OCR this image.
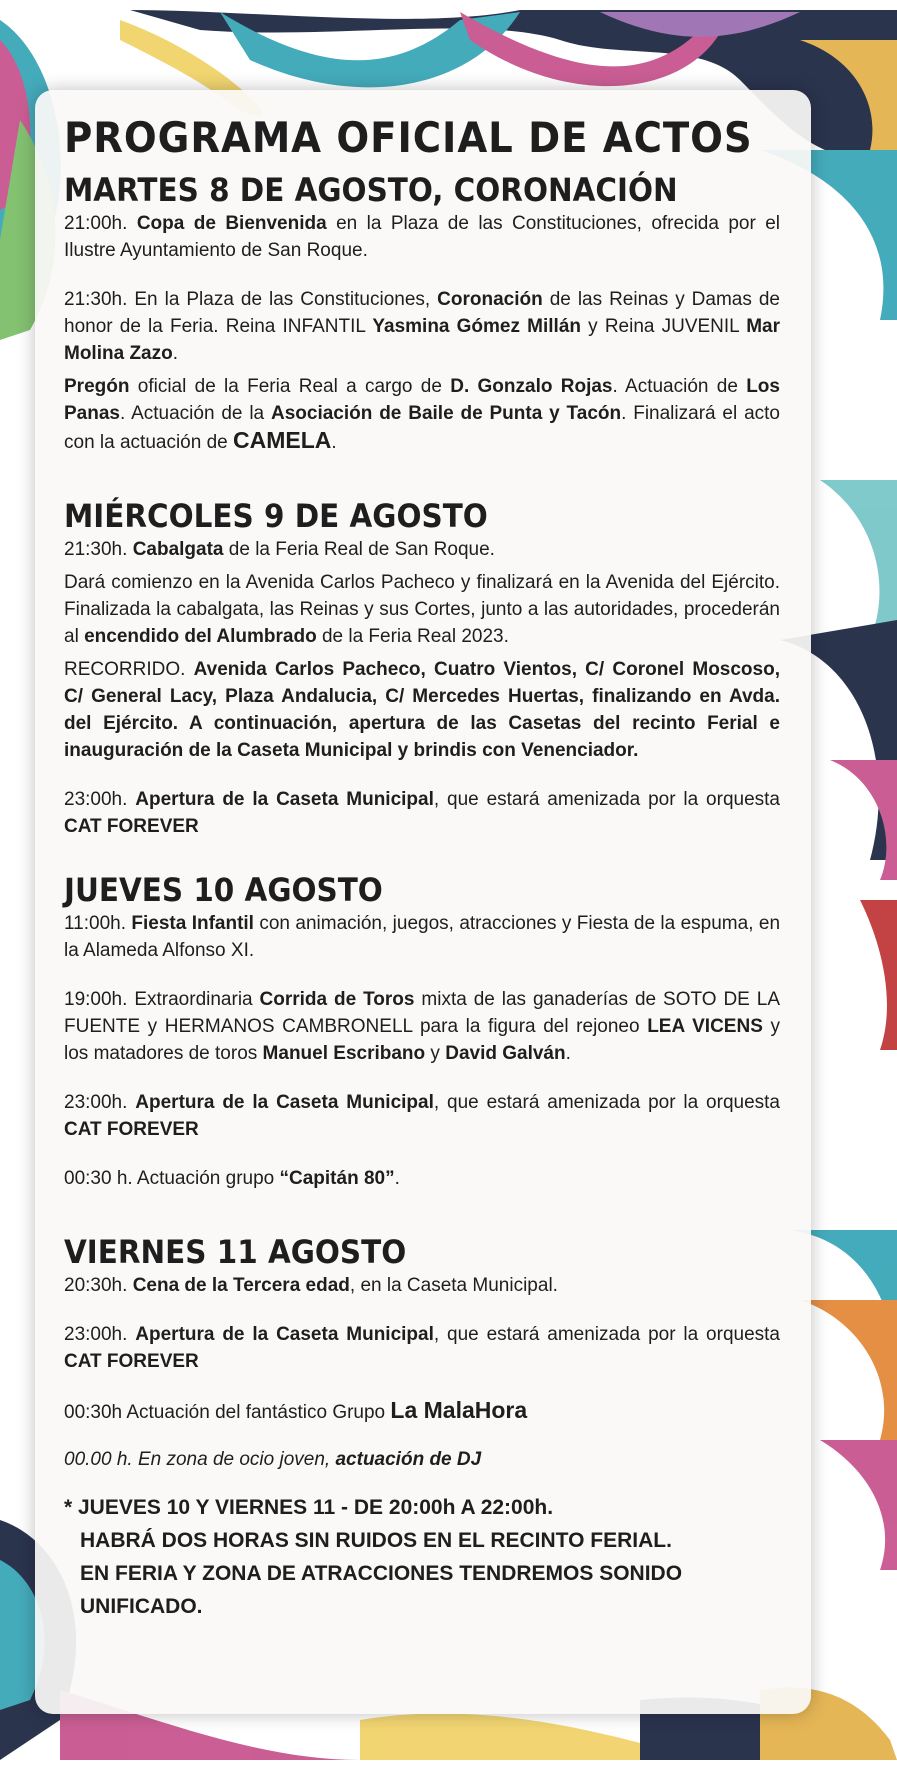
PROGRAMA OFICIAL DE ACTOS
MARTES 8 DE AGOSTO, CORONACIÓN

21:00h. Copa de Bienvenida en la Plaza de las Constituciones, ofrecida por el Ilustre Ayuntamiento de San Roque.

21:30h. En la Plaza de las Constituciones, Coronación de las Reinas y Damas de honor de la Feria. Reina INFANTIL Yasmina Gómez Millán y Reina JUVENIL Mar Molina Zazo.

Pregón oficial de la Feria Real a cargo de D. Gonzalo Rojas. Actuación de Los Panas. Actuación de la Asociación de Baile de Punta y Tacón. Finalizará el acto con la actuación de CAMELA.

MIÉRCOLES 9 DE AGOSTO

21:30h. Cabalgata de la Feria Real de San Roque.

Dará comienzo en la Avenida Carlos Pacheco y finalizará en la Avenida del Ejército. Finalizada la cabalgata, las Reinas y sus Cortes, junto a las autoridades, procederán al encendido del Alumbrado de la Feria Real 2023.

RECORRIDO. Avenida Carlos Pacheco, Cuatro Vientos, C/ Coronel Moscoso, C/ General Lacy, Plaza Andalucia, C/ Mercedes Huertas, finalizando en Avda. del Ejército. A continuación, apertura de las Casetas del recinto Ferial e inauguración de la Caseta Municipal y brindis con Venenciador.

23:00h. Apertura de la Caseta Municipal, que estará amenizada por la orquesta CAT FOREVER

JUEVES 10 AGOSTO

11:00h. Fiesta Infantil con animación, juegos, atracciones y Fiesta de la espuma, en la Alameda Alfonso XI.

19:00h. Extraordinaria Corrida de Toros mixta de las ganaderías de SOTO DE LA FUENTE y HERMANOS CAMBRONELL para la figura del rejoneo LEA VICENS y los matadores de toros Manuel Escribano y David Galván.

23:00h. Apertura de la Caseta Municipal, que estará amenizada por la orquesta CAT FOREVER

00:30 h. Actuación grupo “Capitán 80”.

VIERNES 11 AGOSTO

20:30h. Cena de la Tercera edad, en la Caseta Municipal.

23:00h. Apertura de la Caseta Municipal, que estará amenizada por la orquesta CAT FOREVER

00:30h Actuación del fantástico Grupo La MalaHora

00.00 h. En zona de ocio joven, actuación de DJ

* JUEVES 10 Y VIERNES 11 - DE 20:00h A 22:00h.
HABRÁ DOS HORAS SIN RUIDOS EN EL RECINTO FERIAL.
EN FERIA Y ZONA DE ATRACCIONES TENDREMOS SONIDO UNIFICADO.
